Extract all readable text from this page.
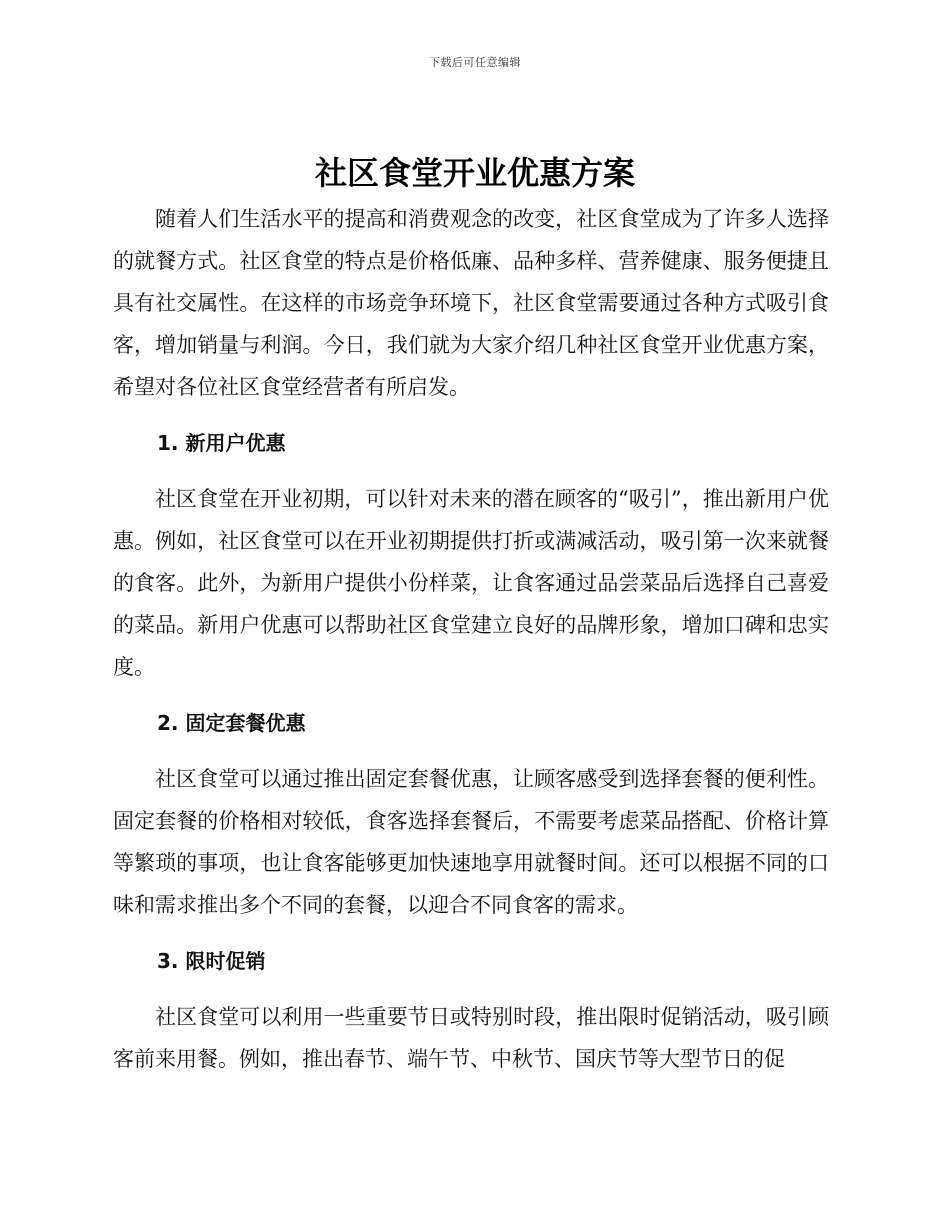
下载后可任意编辑
社区食堂开业优惠方案

随着人们生活水平的提高和消费观念的改变，社区食堂成为了许多人选择的就餐方式。社区食堂的特点是价格低廉、品种多样、营养健康、服务便捷且具有社交属性。在这样的市场竞争环境下，社区食堂需要通过各种方式吸引食客，增加销量与利润。今日，我们就为大家介绍几种社区食堂开业优惠方案，希望对各位社区食堂经营者有所启发。

1. 新用户优惠

社区食堂在开业初期，可以针对未来的潜在顾客的“吸引”，推出新用户优惠。例如，社区食堂可以在开业初期提供打折或满减活动，吸引第一次来就餐的食客。此外，为新用户提供小份样菜，让食客通过品尝菜品后选择自己喜爱的菜品。新用户优惠可以帮助社区食堂建立良好的品牌形象，增加口碑和忠实度。

2. 固定套餐优惠

社区食堂可以通过推出固定套餐优惠，让顾客感受到选择套餐的便利性。固定套餐的价格相对较低，食客选择套餐后，不需要考虑菜品搭配、价格计算等繁琐的事项，也让食客能够更加快速地享用就餐时间。还可以根据不同的口味和需求推出多个不同的套餐，以迎合不同食客的需求。

3. 限时促销

社区食堂可以利用一些重要节日或特别时段，推出限时促销活动，吸引顾客前来用餐。例如，推出春节、端午节、中秋节、国庆节等大型节日的促
